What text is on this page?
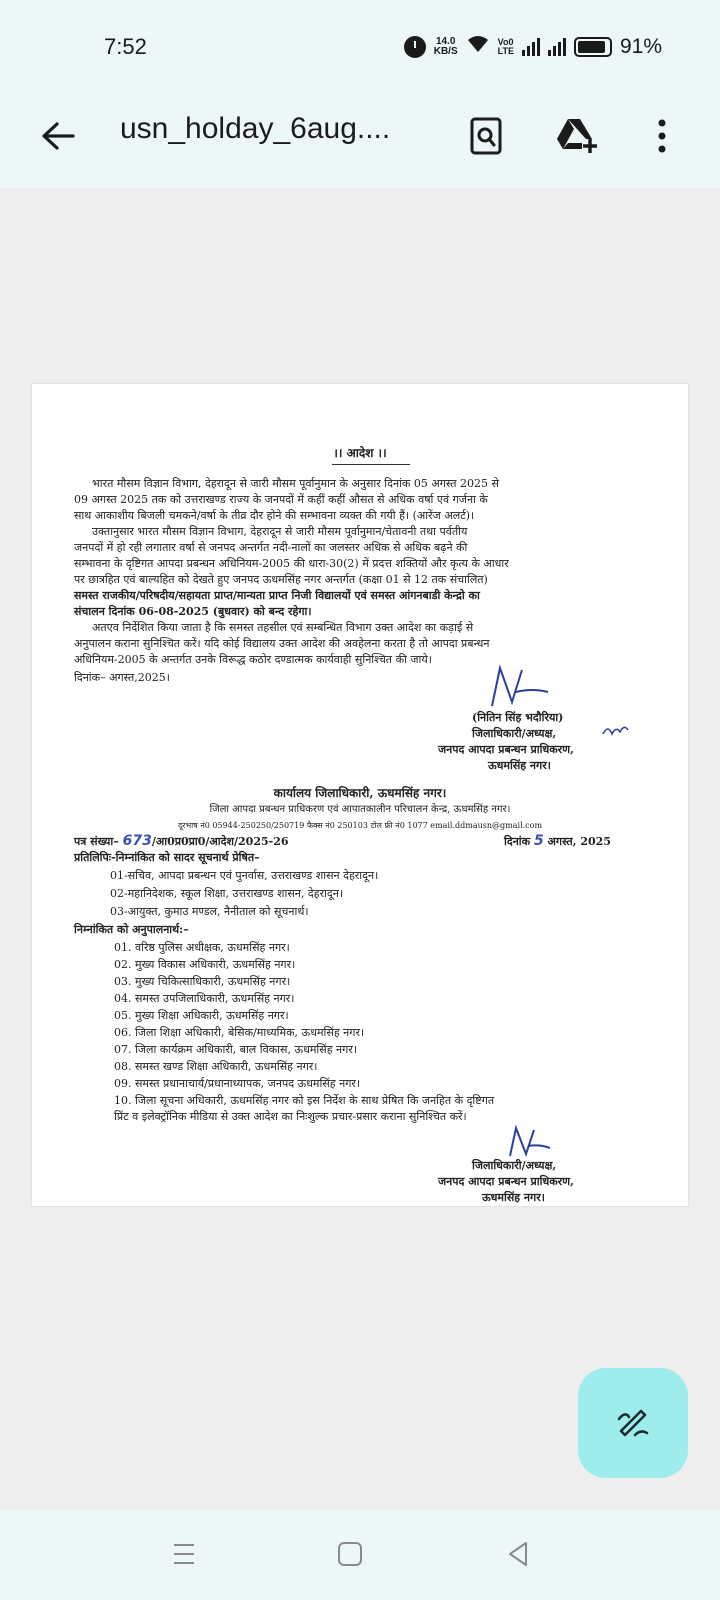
7:52	14.0
KB/S
Vo0
LTE	91%
usn_holday_6aug....
।। आदेश ।।
भारत मौसम विज्ञान विभाग, देहरादून से जारी मौसम पूर्वानुमान के अनुसार दिनांक 05 अगस्त 2025 से
09 अगस्त 2025 तक को उत्तराखण्ड राज्य के जनपदों में कहीं कहीं औसत से अधिक वर्षा एवं गर्जना के
साथ आकाशीय बिजली चमकने/वर्षा के तीव्र दौर होने की सम्भावना व्यक्त की गयी हैं। (आरेंज अलर्ट)।
उक्तानुसार भारत मौसम विज्ञान विभाग, देहरादून से जारी मौसम पूर्वानुमान/चेतावनी तथा पर्वतीय
जनपदों में हो रही लगातार वर्षा से जनपद अन्तर्गत नदी-नालों का जलस्तर अधिक से अधिक बढ़ने की
सम्भावना के दृष्टिगत आपदा प्रबन्धन अधिनियम-2005 की धारा-30(2) में प्रदत्त शक्तियों और कृत्य के आधार
पर छात्रहित एवं बाल्यहित को देखते हुए जनपद ऊधमसिंह नगर अन्तर्गत (कक्षा 01 से 12 तक संचालित)
समस्त राजकीय/परिषदीय/सहायता प्राप्त/मान्यता प्राप्त निजी विद्यालयों एवं समस्त आंगनबाडी केन्द्रो का
संचालन दिनांक 06-08-2025 (बुधवार) को बन्द रहेगा।
अतएव निर्देशित किया जाता है कि समस्त तहसील एवं सम्बन्धित विभाग उक्त आदेश का कड़ाई से
अनुपालन कराना सुनिश्चित करें। यदि कोई विद्यालय उक्त आदेश की अवहेलना करता है तो आपदा प्रबन्धन
अधिनियम-2005 के अन्तर्गत उनके विरूद्ध कठोर दण्डात्मक कार्यवाही सुनिश्चित की जाये।
दिनांक– अगस्त,2025।
(नितिन सिंह भदौरिया)
जिलाधिकारी/अध्यक्ष,
जनपद आपदा प्रबन्धन प्राधिकरण,
ऊधमसिंह नगर।
कार्यालय जिलाधिकारी, ऊधमसिंह नगर।
जिला आपदा प्रबन्धन प्राधिकरण एवं आपातकालीन परिचालन केन्द्र, ऊधमसिंह नगर।
दूरभाष नं0 05944-250250/250719 फैक्स नं0 250103 टोल फ्री नं0 1077 email.ddmausn@gmail.com
पत्र संख्या– 673/आ0प्र0प्रा0/आदेश/2025-26	दिनांक 5 अगस्त, 2025
प्रतिलिपिः-निम्नांकित को सादर सूचनार्थ प्रेषित–
01-सचिव, आपदा प्रबन्धन एवं पुनर्वास, उत्तराखण्ड शासन देहरादून।
02-महानिदेशक, स्कूल शिक्षा, उत्तराखण्ड शासन, देहरादून।
03-आयुक्त, कुमाउ मण्डल, नैनीताल को सूचनार्थ।
निम्नांकित को अनुपालनार्थ:–
01. वरिष्ठ पुलिस अधीक्षक, ऊधमसिंह नगर।
02. मुख्य विकास अधिकारी, ऊधमसिंह नगर।
03. मुख्य चिकित्साधिकारी, ऊधमसिंह नगर।
04. समस्त उपजिलाधिकारी, ऊधमसिंह नगर।
05. मुख्य शिक्षा अधिकारी, ऊधमसिंह नगर।
06. जिला शिक्षा अधिकारी, बेसिक/माध्यमिक, ऊधमसिंह नगर।
07. जिला कार्यक्रम अधिकारी, बाल विकास, ऊधमसिंह नगर।
08. समस्त खण्ड शिक्षा अधिकारी, ऊधमसिंह नगर।
09. समस्त प्रधानाचार्य/प्रधानाध्यापक, जनपद ऊधमसिंह नगर।
10. जिला सूचना अधिकारी, ऊधमसिंह नगर को इस निर्देश के साथ प्रेषित कि जनहित के दृष्टिगत
प्रिंट व इलेक्ट्रॉनिक मीडिया से उक्त आदेश का निःशुल्क प्रचार-प्रसार कराना सुनिश्चित करें।
जिलाधिकारी/अध्यक्ष,
जनपद आपदा प्रबन्धन प्राधिकरण,
ऊधमसिंह नगर।
